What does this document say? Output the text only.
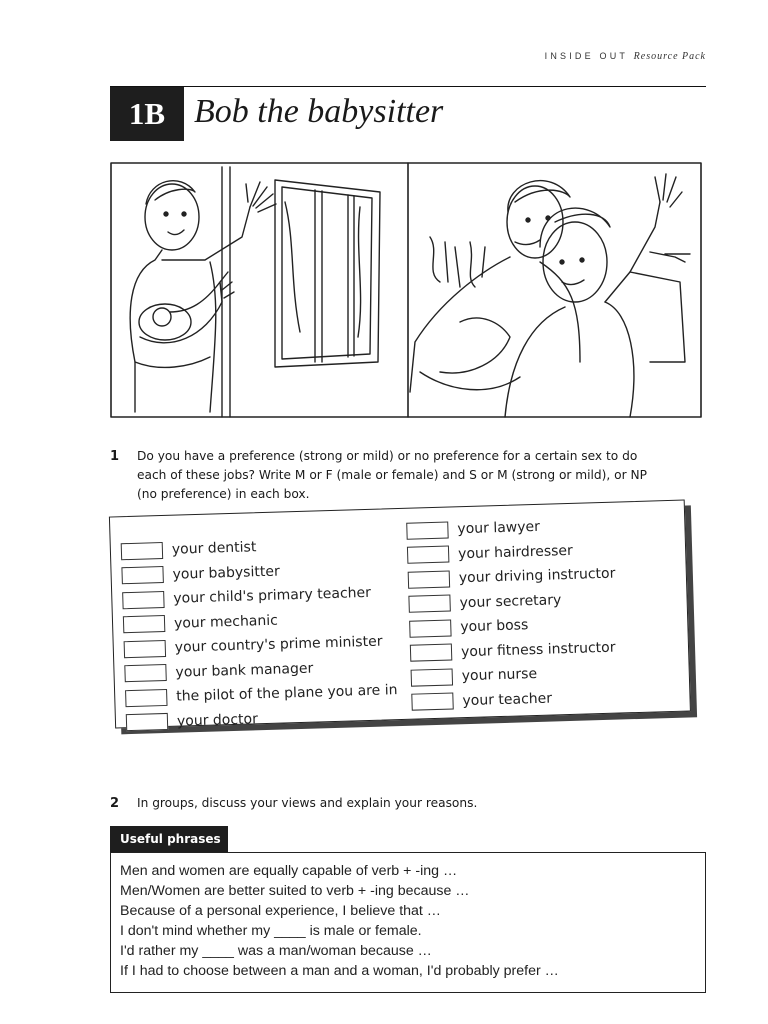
INSIDE OUT Resource Pack
1B Bob the babysitter
1 Do you have a preference (strong or mild) or no preference for a certain sex to do each of these jobs? Write M or F (male or female) and S or M (strong or mild), or NP (no preference) in each box.
your dentist
your babysitter
your child's primary teacher
your mechanic
your country's prime minister
your bank manager
the pilot of the plane you are in
your doctor
your lawyer
your hairdresser
your driving instructor
your secretary
your boss
your fitness instructor
your nurse
your teacher
2 In groups, discuss your views and explain your reasons.
Useful phrases
Men and women are equally capable of verb + -ing …
Men/Women are better suited to verb + -ing because …
Because of a personal experience, I believe that …
I don't mind whether my ____ is male or female.
I'd rather my ____ was a man/woman because …
If I had to choose between a man and a woman, I'd probably prefer …
